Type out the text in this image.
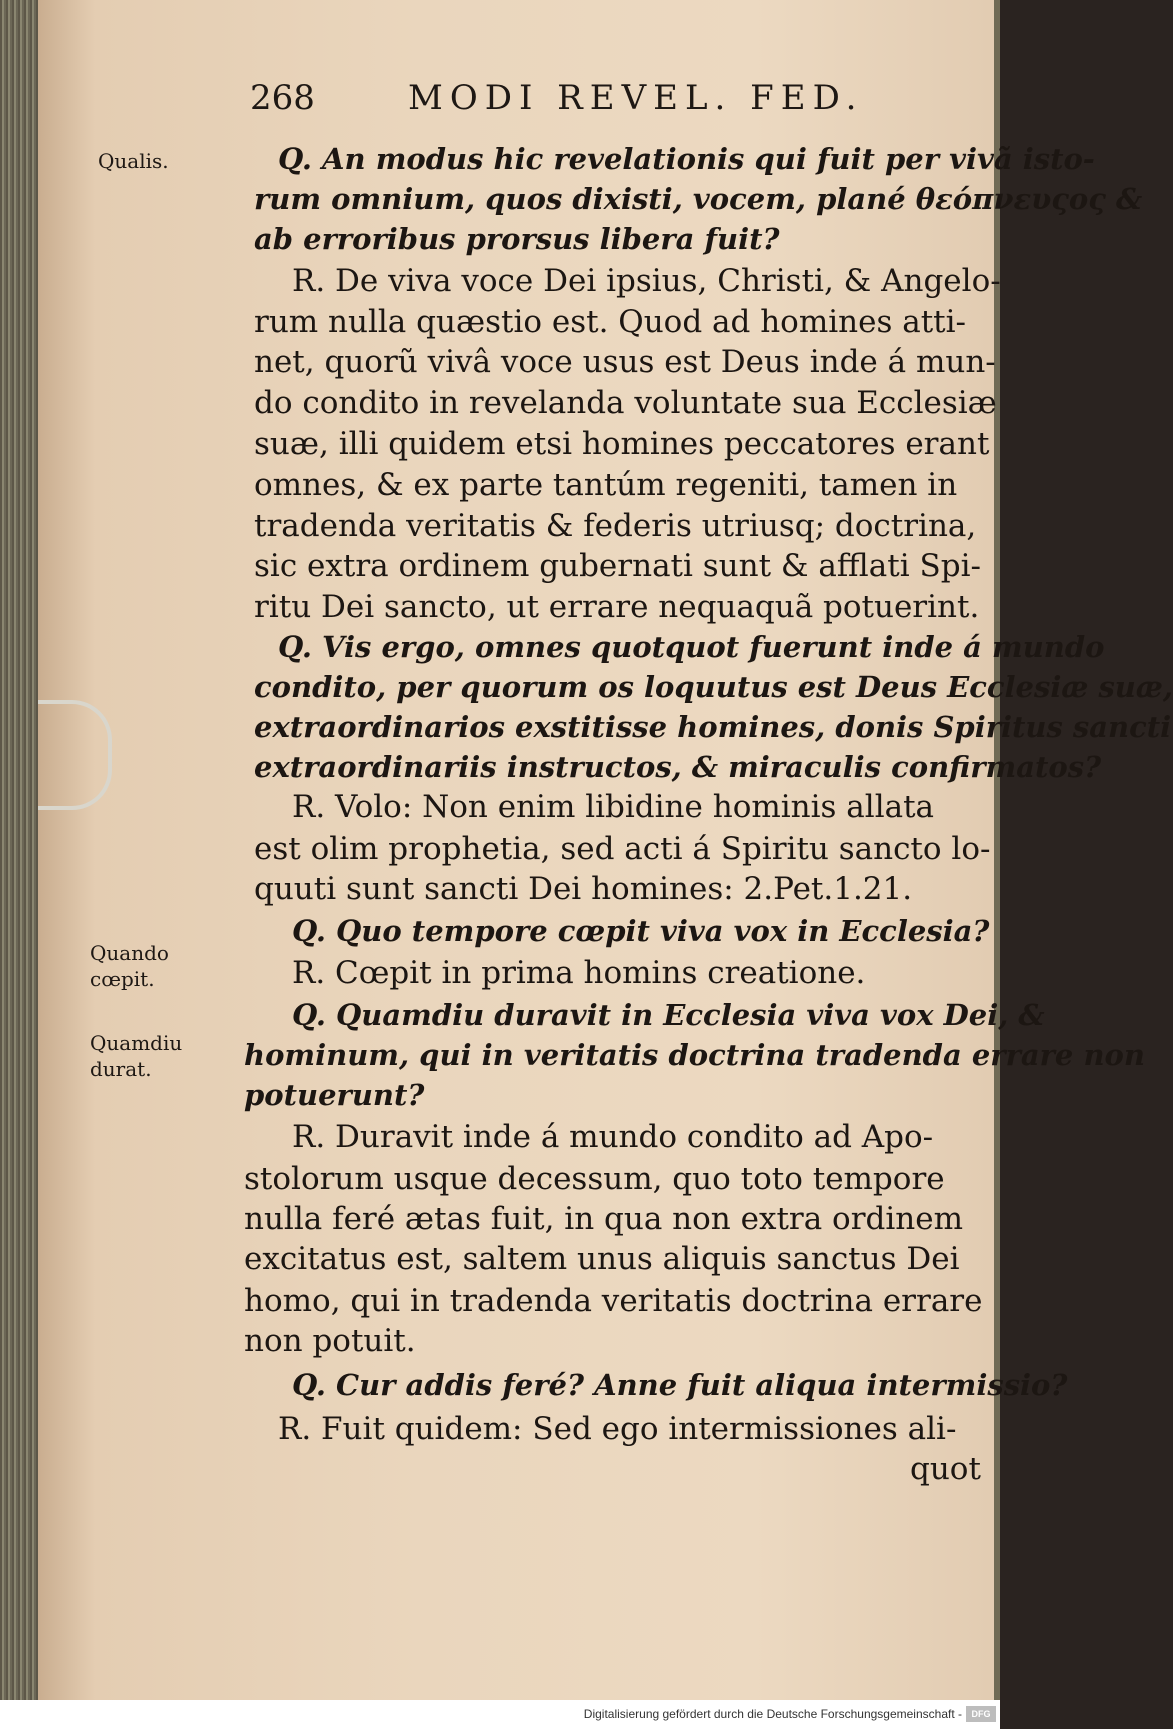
268	MODI REVEL. FED.
Qualis.
Quando
cœpit.
Quamdiu
durat.
Q. An modus hic revelationis qui fuit per vivã isto-
rum omnium, quos dixisti, vocem, plané θεόπνευςος &
ab erroribus prorsus libera fuit?
R. De viva voce Dei ipsius, Christi, & Angelo-
rum nulla quæstio est. Quod ad homines atti-
net, quorũ vivâ voce usus est Deus inde á mun-
do condito in revelanda voluntate sua Ecclesiæ
suæ, illi quidem etsi homines peccatores erant
omnes, & ex parte tantúm regeniti, tamen in
tradenda veritatis & federis utriusq; doctrina,
sic extra ordinem gubernati sunt & afflati Spi-
ritu Dei sancto, ut errare nequaquã potuerint.
Q. Vis ergo, omnes quotquot fuerunt inde á mundo
condito, per quorum os loquutus est Deus Ecclesiæ suæ,
extraordinarios exstitisse homines, donis Spiritus sancti
extraordinariis instructos, & miraculis confirmatos?
R. Volo: Non enim libidine hominis allata
est olim prophetia, sed acti á Spiritu sancto lo-
quuti sunt sancti Dei homines: 2.Pet.1.21.
Q. Quo tempore cœpit viva vox in Ecclesia?
R. Cœpit in prima homins creatione.
Q. Quamdiu duravit in Ecclesia viva vox Dei, &
hominum, qui in veritatis doctrina tradenda errare non
potuerunt?
R. Duravit inde á mundo condito ad Apo-
stolorum usque decessum, quo toto tempore
nulla feré ætas fuit, in qua non extra ordinem
excitatus est, saltem unus aliquis sanctus Dei
homo, qui in tradenda veritatis doctrina errare
non potuit.
Q. Cur addis feré? Anne fuit aliqua intermissio?
R. Fuit quidem: Sed ego intermissiones ali-
quot
Digitalisierung gefördert durch die Deutsche Forschungsgemeinschaft -	DFG
